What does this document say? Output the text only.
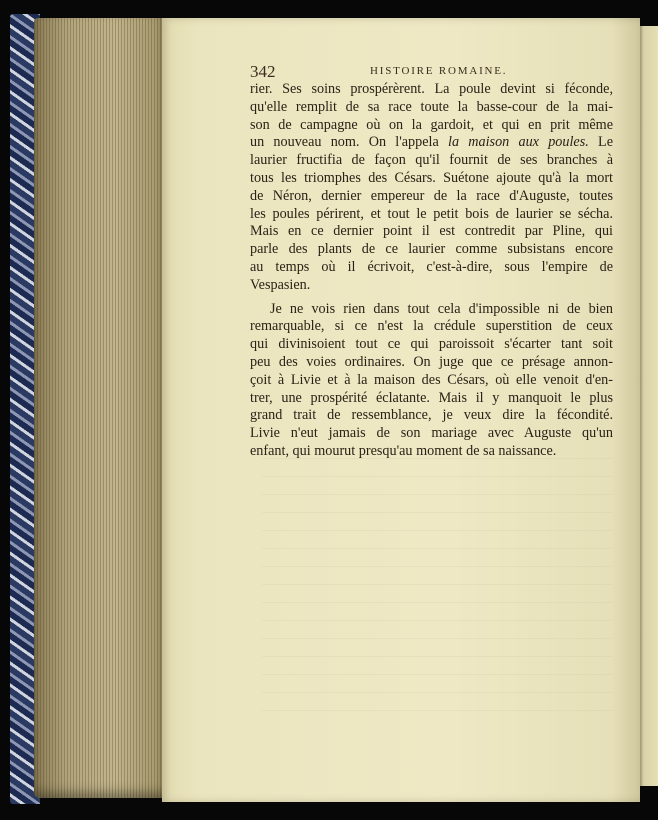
342	HISTOIRE ROMAINE.
rier. Ses soins prospérèrent. La poule devint si féconde,
qu'elle remplit de sa race toute la basse-cour de la mai-
son de campagne où on la gardoit, et qui en prit même
un nouveau nom. On l'appela la maison aux poules. Le
laurier fructifia de façon qu'il fournit de ses branches à
tous les triomphes des Césars. Suétone ajoute qu'à la mort
de Néron, dernier empereur de la race d'Auguste, toutes
les poules périrent, et tout le petit bois de laurier se sécha.
Mais en ce dernier point il est contredit par Pline, qui
parle des plants de ce laurier comme subsistans encore
au temps où il écrivoit, c'est-à-dire, sous l'empire de
Vespasien.
Je ne vois rien dans tout cela d'impossible ni de bien
remarquable, si ce n'est la crédule superstition de ceux
qui divinisoient tout ce qui paroissoit s'écarter tant soit
peu des voies ordinaires. On juge que ce présage annon-
çoit à Livie et à la maison des Césars, où elle venoit d'en-
trer, une prospérité éclatante. Mais il y manquoit le plus
grand trait de ressemblance, je veux dire la fécondité.
Livie n'eut jamais de son mariage avec Auguste qu'un
enfant, qui mourut presqu'au moment de sa naissance.
